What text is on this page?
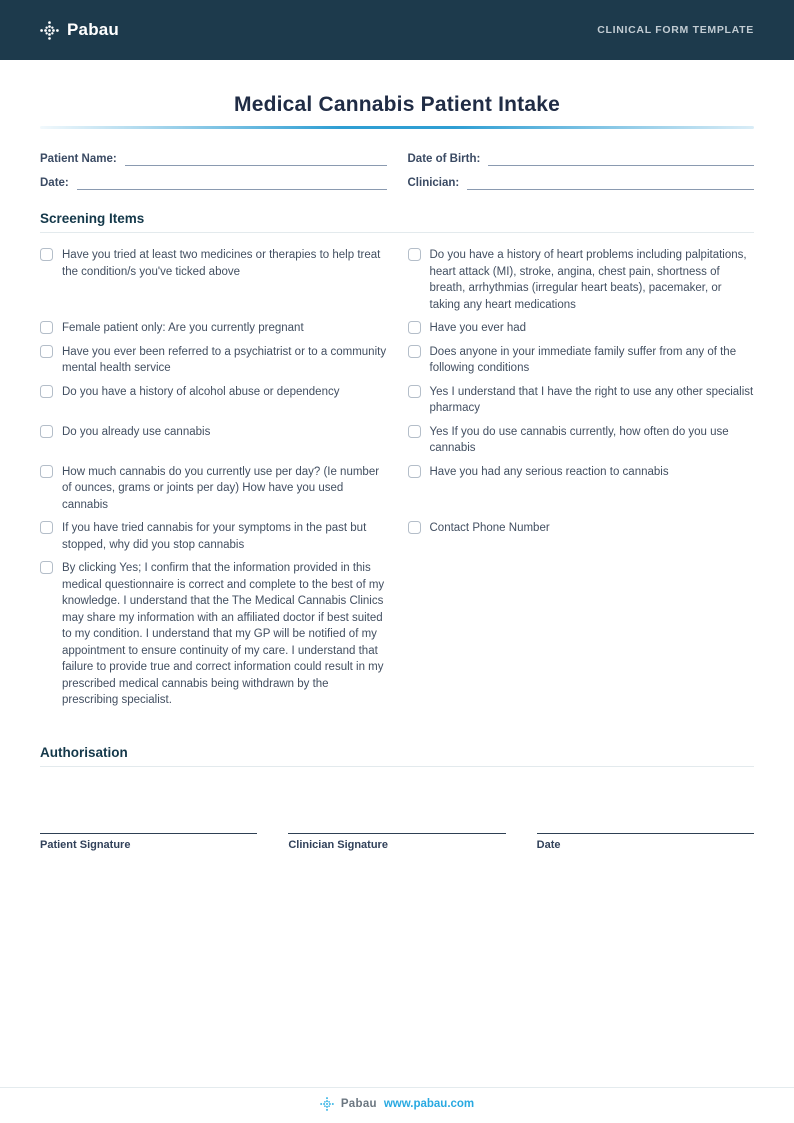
Pabau	CLINICAL FORM TEMPLATE
Medical Cannabis Patient Intake
Patient Name:	Date of Birth:
Date:	Clinician:
Screening Items
Have you tried at least two medicines or therapies to help treat the condition/s you've ticked above
Do you have a history of heart problems including palpitations, heart attack (MI), stroke, angina, chest pain, shortness of breath, arrhythmias (irregular heart beats), pacemaker, or taking any heart medications
Female patient only: Are you currently pregnant	Have you ever had
Have you ever been referred to a psychiatrist or to a community mental health service
Does anyone in your immediate family suffer from any of the following conditions
Do you have a history of alcohol abuse or dependency	Yes I understand that I have the right to use any other specialist pharmacy
Do you already use cannabis	Yes If you do use cannabis currently, how often do you use cannabis
How much cannabis do you currently use per day? (Ie number of ounces, grams or joints per day) How have you used cannabis
Have you had any serious reaction to cannabis
If you have tried cannabis for your symptoms in the past but stopped, why did you stop cannabis
Contact Phone Number
By clicking Yes; I confirm that the information provided in this medical questionnaire is correct and complete to the best of my knowledge. I understand that the The Medical Cannabis Clinics may share my information with an affiliated doctor if best suited to my condition. I understand that my GP will be notified of my appointment to ensure continuity of my care. I understand that failure to provide true and correct information could result in my prescribed medical cannabis being withdrawn by the prescribing specialist.
Authorisation
Patient Signature	Clinician Signature	Date
Pabau www.pabau.com
